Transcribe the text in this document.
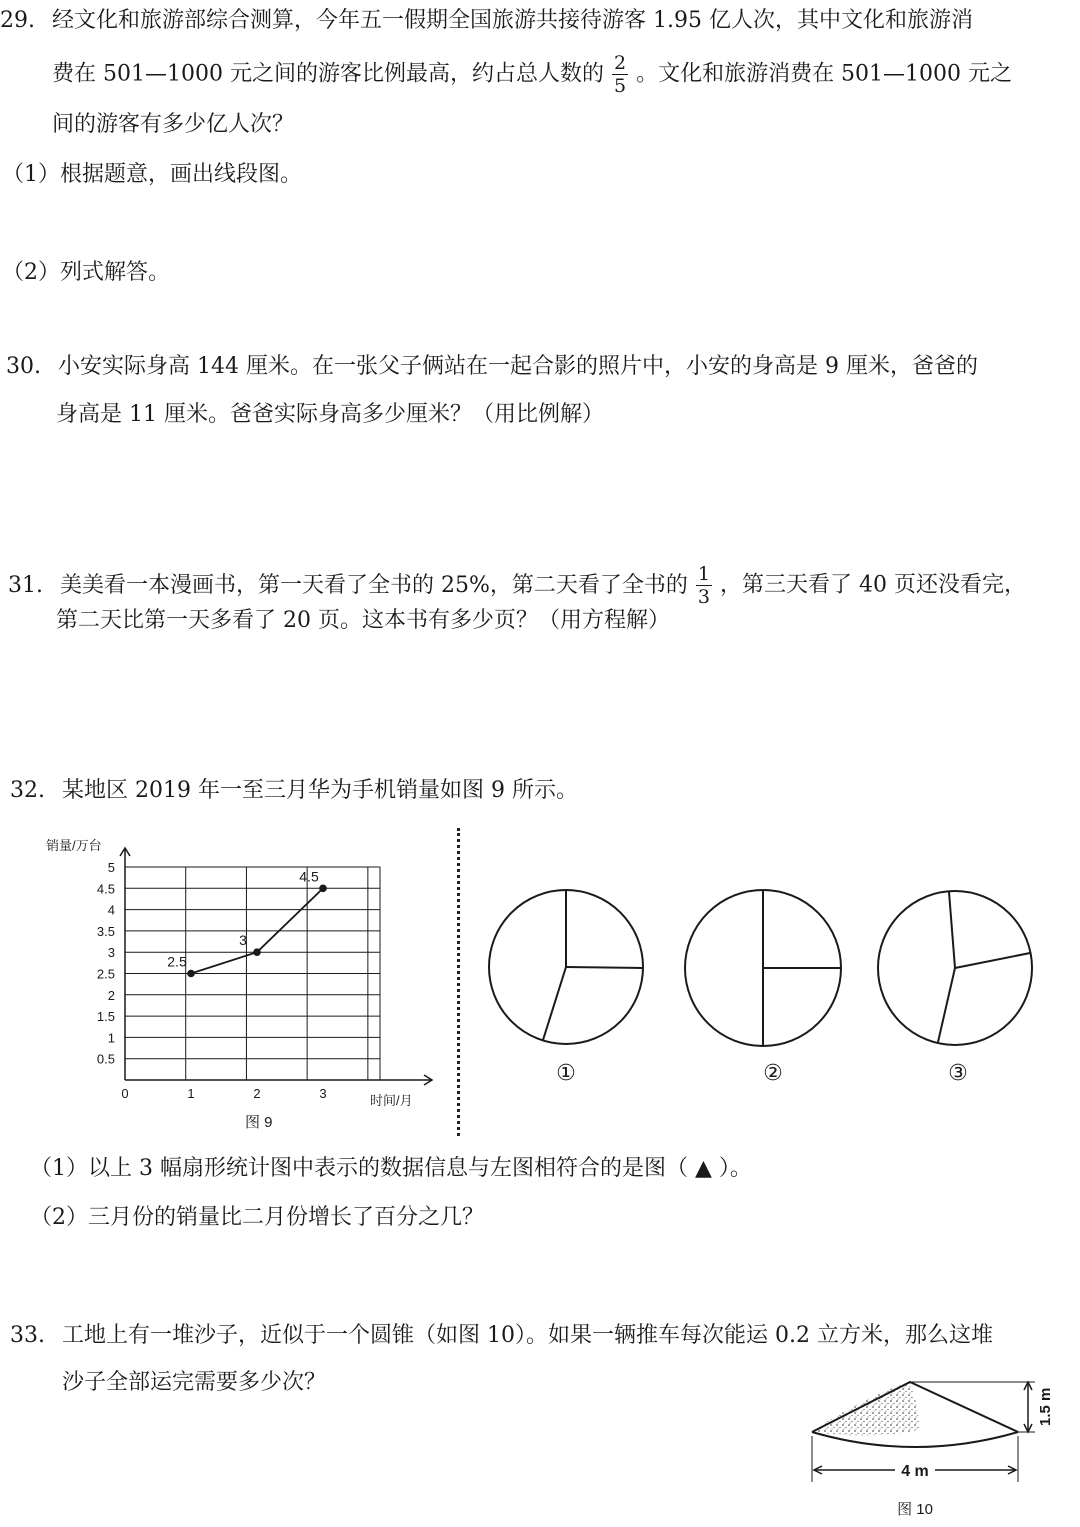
29. 经文化和旅游部综合测算，今年五一假期全国旅游共接待游客 1.95 亿人次，其中文化和旅游消
费在 501—1000 元之间的游客比例最高，约占总人数的 $\frac{2}{5}$ 。文化和旅游消费在 501—1000 元之
间的游客有多少亿人次？
（1）根据题意，画出线段图。
（2）列式解答。
30. 小安实际身高 144 厘米。在一张父子俩站在一起合影的照片中，小安的身高是 9 厘米，爸爸的
身高是 11 厘米。爸爸实际身高多少厘米？（用比例解）
31. 美美看一本漫画书，第一天看了全书的 25%，第二天看了全书的 $\frac{1}{3}$ ，第三天看了 40 页还没看完，
第二天比第一天多看了 20 页。这本书有多少页？（用方程解）
32. 某地区 2019 年一至三月华为手机销量如图 9 所示。
0.5
1
1.5
2
2.5
3
3.5
4
4.5
5
0	1	2	3
2.5
3
4.5
销量/万台
时间/月
图 9
①	②	③
（1）以上 3 幅扇形统计图中表示的数据信息与左图相符合的是图（ ▲ ）。
（2）三月份的销量比二月份增长了百分之几？
33. 工地上有一堆沙子，近似于一个圆锥（如图 10）。如果一辆推车每次能运 0.2 立方米，那么这堆
沙子全部运完需要多少次？
1.5 m
4 m
图 10
